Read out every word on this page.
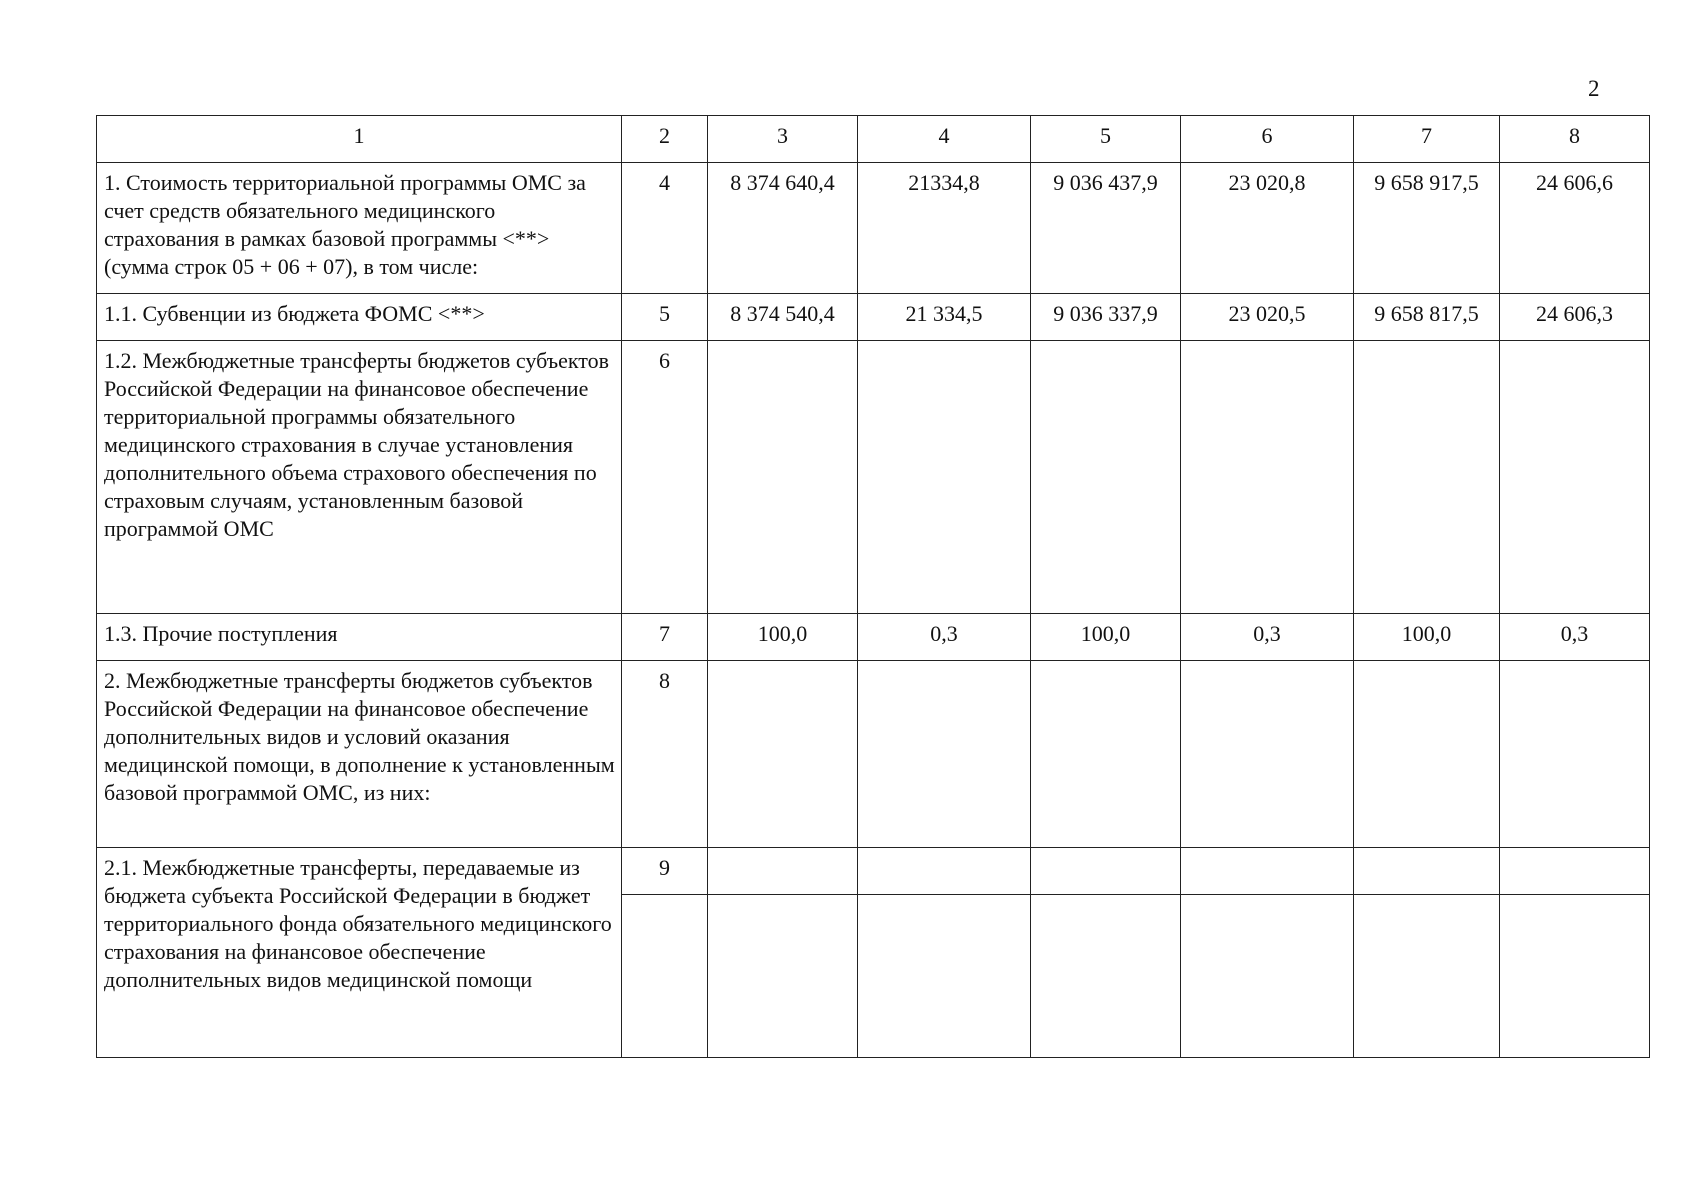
2
1	2	3	4	5	6	7	8
1. Стоимость территориальной программы ОМС за счет средств обязательного медицинского страхования в рамках базовой программы <**> (сумма строк 05 + 06 + 07), в том числе:	4	8 374 640,4	21334,8	9 036 437,9	23 020,8	9 658 917,5	24 606,6
1.1. Субвенции из бюджета ФОМС <**>	5	8 374 540,4	21 334,5	9 036 337,9	23 020,5	9 658 817,5	24 606,3
1.2. Межбюджетные трансферты бюджетов субъектов Российской Федерации на финансовое обеспечение территориальной программы обязательного медицинского страхования в случае установления дополнительного объема страхового обеспечения по страховым случаям, установленным базовой программой ОМС	6						
1.3. Прочие поступления	7	100,0	0,3	100,0	0,3	100,0	0,3
2. Межбюджетные трансферты бюджетов субъектов Российской Федерации на финансовое обеспечение дополнительных видов и условий оказания медицинской помощи, в дополнение к установленным базовой программой ОМС, из них:	8						
2.1. Межбюджетные трансферты, передаваемые из бюджета субъекта Российской Федерации в бюджет территориального фонда обязательного медицинского страхования на финансовое обеспечение дополнительных видов медицинской помощи	9						
